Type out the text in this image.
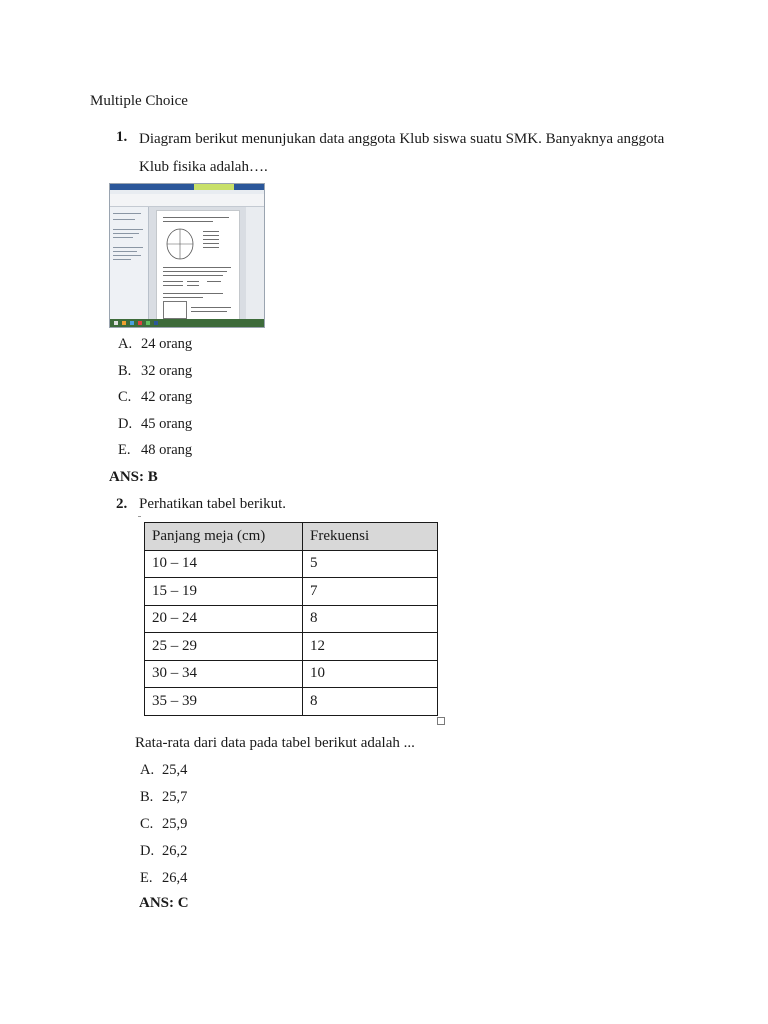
Multiple Choice
1. Diagram berikut menunjukan data anggota Klub siswa suatu SMK. Banyaknya anggota
Klub fisika adalah….
A. 24 orang
B. 32 orang
C. 42 orang
D. 45 orang
E. 48 orang
ANS: B
2. Perhatikan tabel berikut.
Panjang meja (cm)	Frekuensi
10 – 14	5
15 – 19	7
20 – 24	8
25 – 29	12
30 – 34	10
35 – 39	8
Rata-rata dari data pada tabel berikut adalah ...
A. 25,4
B. 25,7
C. 25,9
D. 26,2
E. 26,4
ANS: C
